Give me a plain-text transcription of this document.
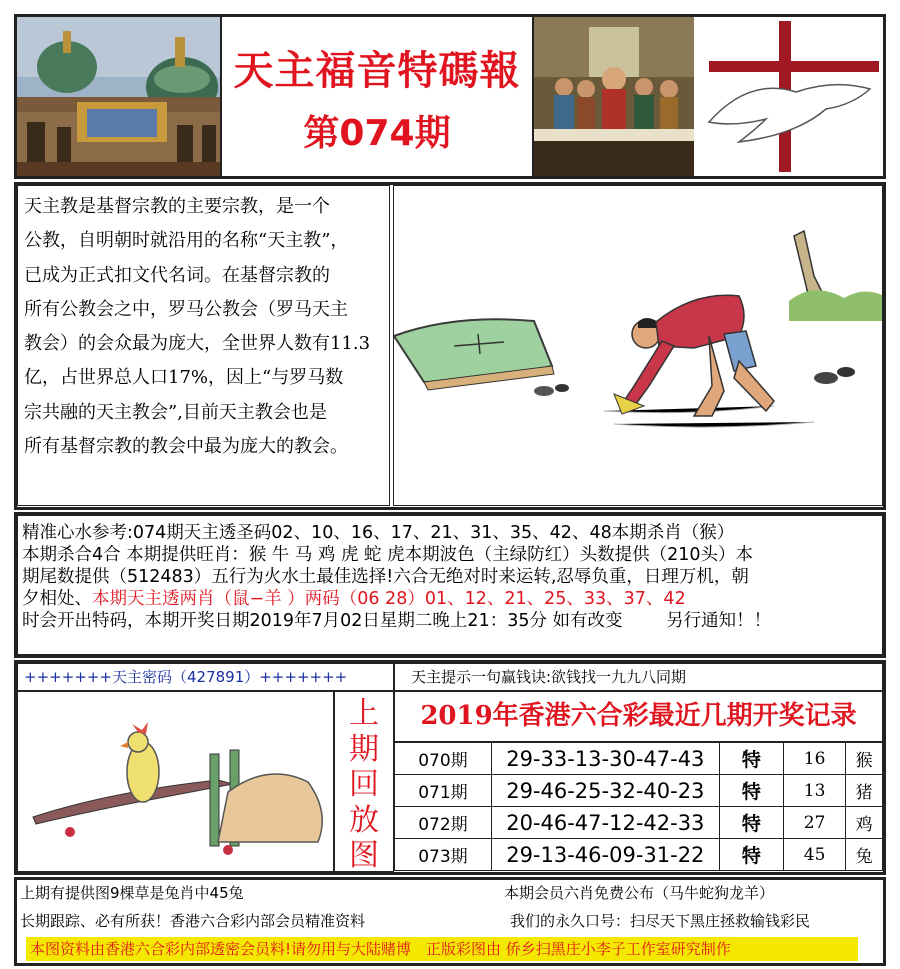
天主福音特碼報
第074期

天主教是基督宗教的主要宗教，是一个

公教，自明朝时就沿用的名称“天主教”，

已成为正式扣文代名词。在基督宗教的

所有公教会之中，罗马公教会（罗马天主

教会）的会众最为庞大，全世界人数有11.3

亿，占世界总人口17%，因上“与罗马数

宗共融的天主教会”,目前天主教会也是

所有基督宗教的教会中最为庞大的教会。

精准心水参考:074期天主透圣码02、10、16、17、21、31、35、42、48本期杀肖（猴）
本期杀合4合 本期提供旺肖：猴 牛 马 鸡 虎 蛇 虎本期波色（主绿防红）头数提供（210头）本
期尾数提供（512483）五行为火水土最佳选择!六合无绝对时来运转,忍辱负重，日理万机，朝
夕相处、本期天主透两肖（鼠−羊 ）两码（06 28）01、12、21、25、33、37、42
时会开出特码，本期开奖日期2019年7月02日星期二晚上21：35分 如有改变 另行通知！！
+++++++天主密码（427891）+++++++	天主提示一句赢钱诀:欲钱找一九九八同期
上
期
回
放
图
2019年香港六合彩最近几期开奖记录
070期	29-33-13-30-47-43	特	16	猴
071期	29-46-25-32-40-23	特	13	猪
072期	20-46-47-12-42-33	特	27	鸡
073期	29-13-46-09-31-22	特	45	兔
上期有提供图9棵草是兔肖中45兔	本期会员六肖免费公布（马牛蛇狗龙羊）
长期跟踪、必有所获！香港六合彩内部会员精准资料	我们的永久口号：扫尽天下黑庄拯救输钱彩民
本图资料由香港六合彩内部透密会员料!请勿用与大陆赌博　正版彩图由 侨乡扫黑庄小李子工作室研究制作
